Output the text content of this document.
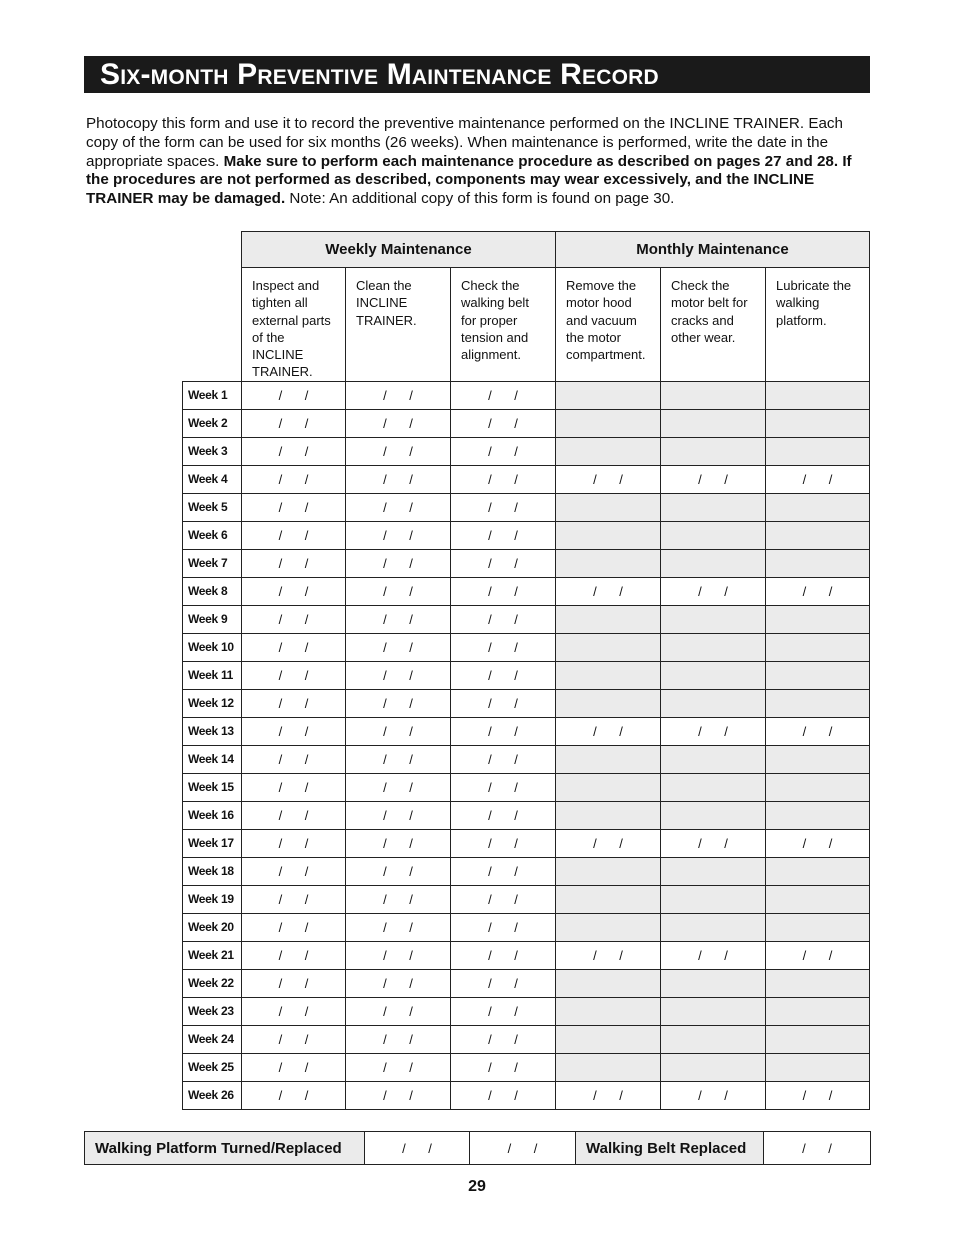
Six-month Preventive Maintenance Record
Photocopy this form and use it to record the preventive maintenance performed on the INCLINE TRAINER. Each copy of the form can be used for six months (26 weeks). When maintenance is performed, write the date in the appropriate spaces. Make sure to perform each maintenance procedure as described on pages 27 and 28. If the procedures are not performed as described, components may wear excessively, and the INCLINE TRAINER may be damaged. Note: An additional copy of this form is found on page 30.
	Weekly Maintenance			Monthly Maintenance		
	Inspect and tighten all external parts of the INCLINE TRAINER.	Clean the INCLINE TRAINER.	Check the walking belt for proper tension and alignment.	Remove the motor hood and vacuum the motor compartment.	Check the motor belt for cracks and other wear.	Lubricate the walking platform.
Week 1	/ /	/ /	/ /			
Week 2	/ /	/ /	/ /			
Week 3	/ /	/ /	/ /			
Week 4	/ /	/ /	/ /	/ /	/ /	/ /
Week 5	/ /	/ /	/ /			
Week 6	/ /	/ /	/ /			
Week 7	/ /	/ /	/ /			
Week 8	/ /	/ /	/ /	/ /	/ /	/ /
Week 9	/ /	/ /	/ /			
Week 10	/ /	/ /	/ /			
Week 11	/ /	/ /	/ /			
Week 12	/ /	/ /	/ /			
Week 13	/ /	/ /	/ /	/ /	/ /	/ /
Week 14	/ /	/ /	/ /			
Week 15	/ /	/ /	/ /			
Week 16	/ /	/ /	/ /			
Week 17	/ /	/ /	/ /	/ /	/ /	/ /
Week 18	/ /	/ /	/ /			
Week 19	/ /	/ /	/ /			
Week 20	/ /	/ /	/ /			
Week 21	/ /	/ /	/ /	/ /	/ /	/ /
Week 22	/ /	/ /	/ /			
Week 23	/ /	/ /	/ /			
Week 24	/ /	/ /	/ /			
Week 25	/ /	/ /	/ /			
Week 26	/ /	/ /	/ /	/ /	/ /	/ /
Walking Platform Turned/Replaced	/ /	/ /	Walking Belt Replaced	/ /
29
